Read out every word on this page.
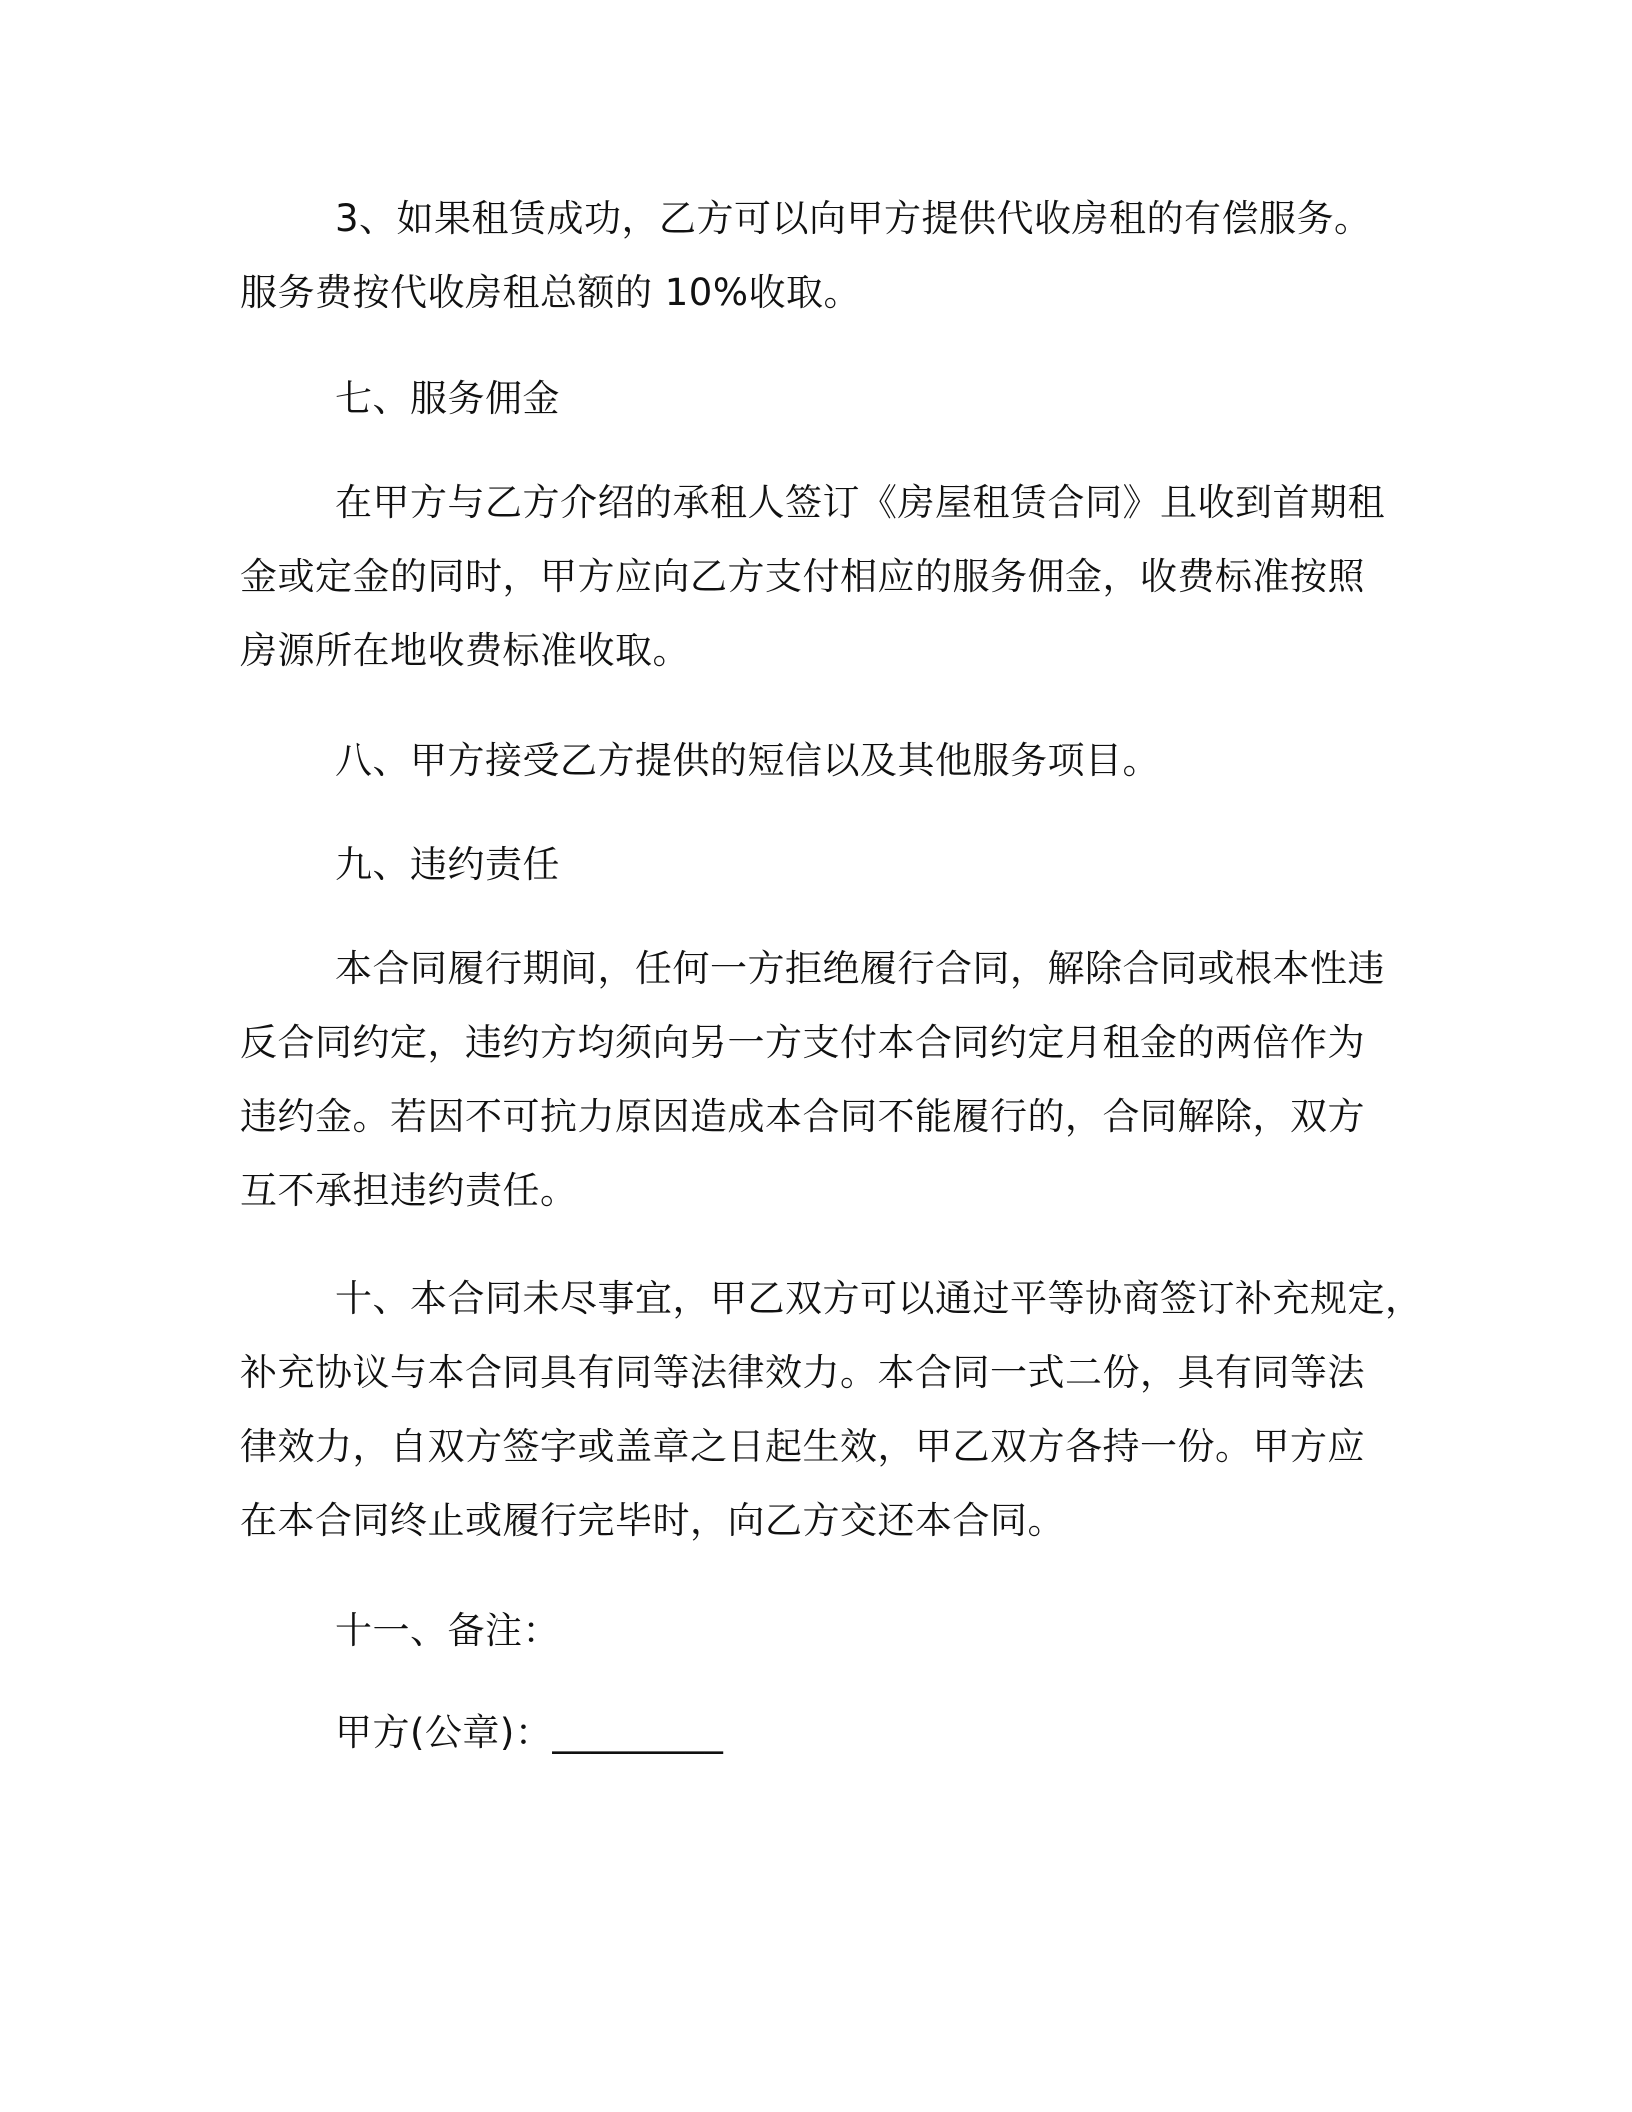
3、如果租赁成功，乙方可以向甲方提供代收房租的有偿服务。
服务费按代收房租总额的 10%收取。
七、服务佣金
在甲方与乙方介绍的承租人签订《房屋租赁合同》且收到首期租
金或定金的同时，甲方应向乙方支付相应的服务佣金，收费标准按照
房源所在地收费标准收取。
八、甲方接受乙方提供的短信以及其他服务项目。
九、违约责任
本合同履行期间，任何一方拒绝履行合同，解除合同或根本性违
反合同约定，违约方均须向另一方支付本合同约定月租金的两倍作为
违约金。若因不可抗力原因造成本合同不能履行的，合同解除，双方
互不承担违约责任。
十、本合同未尽事宜，甲乙双方可以通过平等协商签订补充规定，
补充协议与本合同具有同等法律效力。本合同一式二份，具有同等法
律效力，自双方签字或盖章之日起生效，甲乙双方各持一份。甲方应
在本合同终止或履行完毕时，向乙方交还本合同。
十一、备注：
甲方(公章)：_________
